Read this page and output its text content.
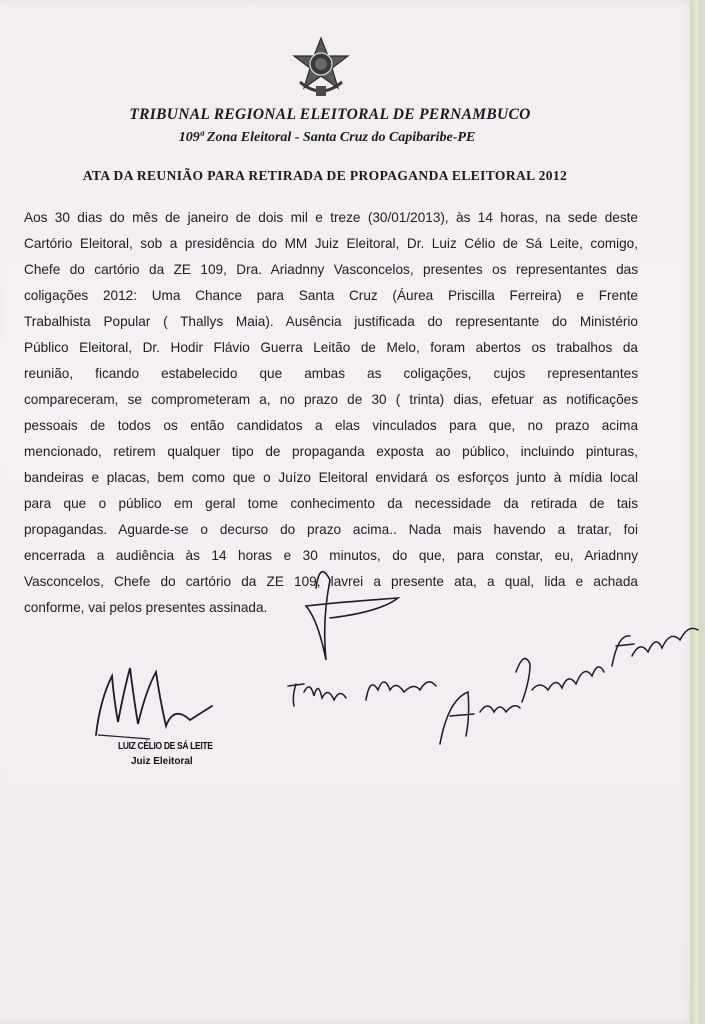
TRIBUNAL REGIONAL ELEITORAL DE PERNAMBUCO
109ª Zona Eleitoral - Santa Cruz do Capibaribe-PE
ATA DA REUNIÃO PARA RETIRADA DE PROPAGANDA ELEITORAL 2012
Aos 30 dias do mês de janeiro de dois mil e treze (30/01/2013), às 14 horas, na sede deste
Cartório Eleitoral, sob a presidência do MM Juiz Eleitoral, Dr. Luiz Célio de Sá Leite, comigo,
Chefe do cartório da ZE 109, Dra. Ariadnny Vasconcelos, presentes os representantes das
coligações 2012: Uma Chance para Santa Cruz (Áurea Priscilla Ferreira) e Frente
Trabalhista Popular ( Thallys Maia). Ausência justificada do representante do Ministério
Público Eleitoral, Dr. Hodir Flávio Guerra Leitão de Melo, foram abertos os trabalhos da
reunião, ficando estabelecido que ambas as coligações, cujos representantes
compareceram, se comprometeram a, no prazo de 30 ( trinta) dias, efetuar as notificações
pessoais de todos os então candidatos a elas vinculados para que, no prazo acima
mencionado, retirem qualquer tipo de propaganda exposta ao público, incluindo pinturas,
bandeiras e placas, bem como que o Juízo Eleitoral envidará os esforços junto à mídia local
para que o público em geral tome conhecimento da necessidade da retirada de tais
propagandas. Aguarde-se o decurso do prazo acima.. Nada mais havendo a tratar, foi
encerrada a audiência às 14 horas e 30 minutos, do que, para constar, eu, Ariadnny
Vasconcelos, Chefe do cartório da ZE 109, lavrei a presente ata, a qual, lida e achada
conforme, vai pelos presentes assinada.
LUIZ CÉLIO DE SÁ LEITE
Juiz Eleitoral
